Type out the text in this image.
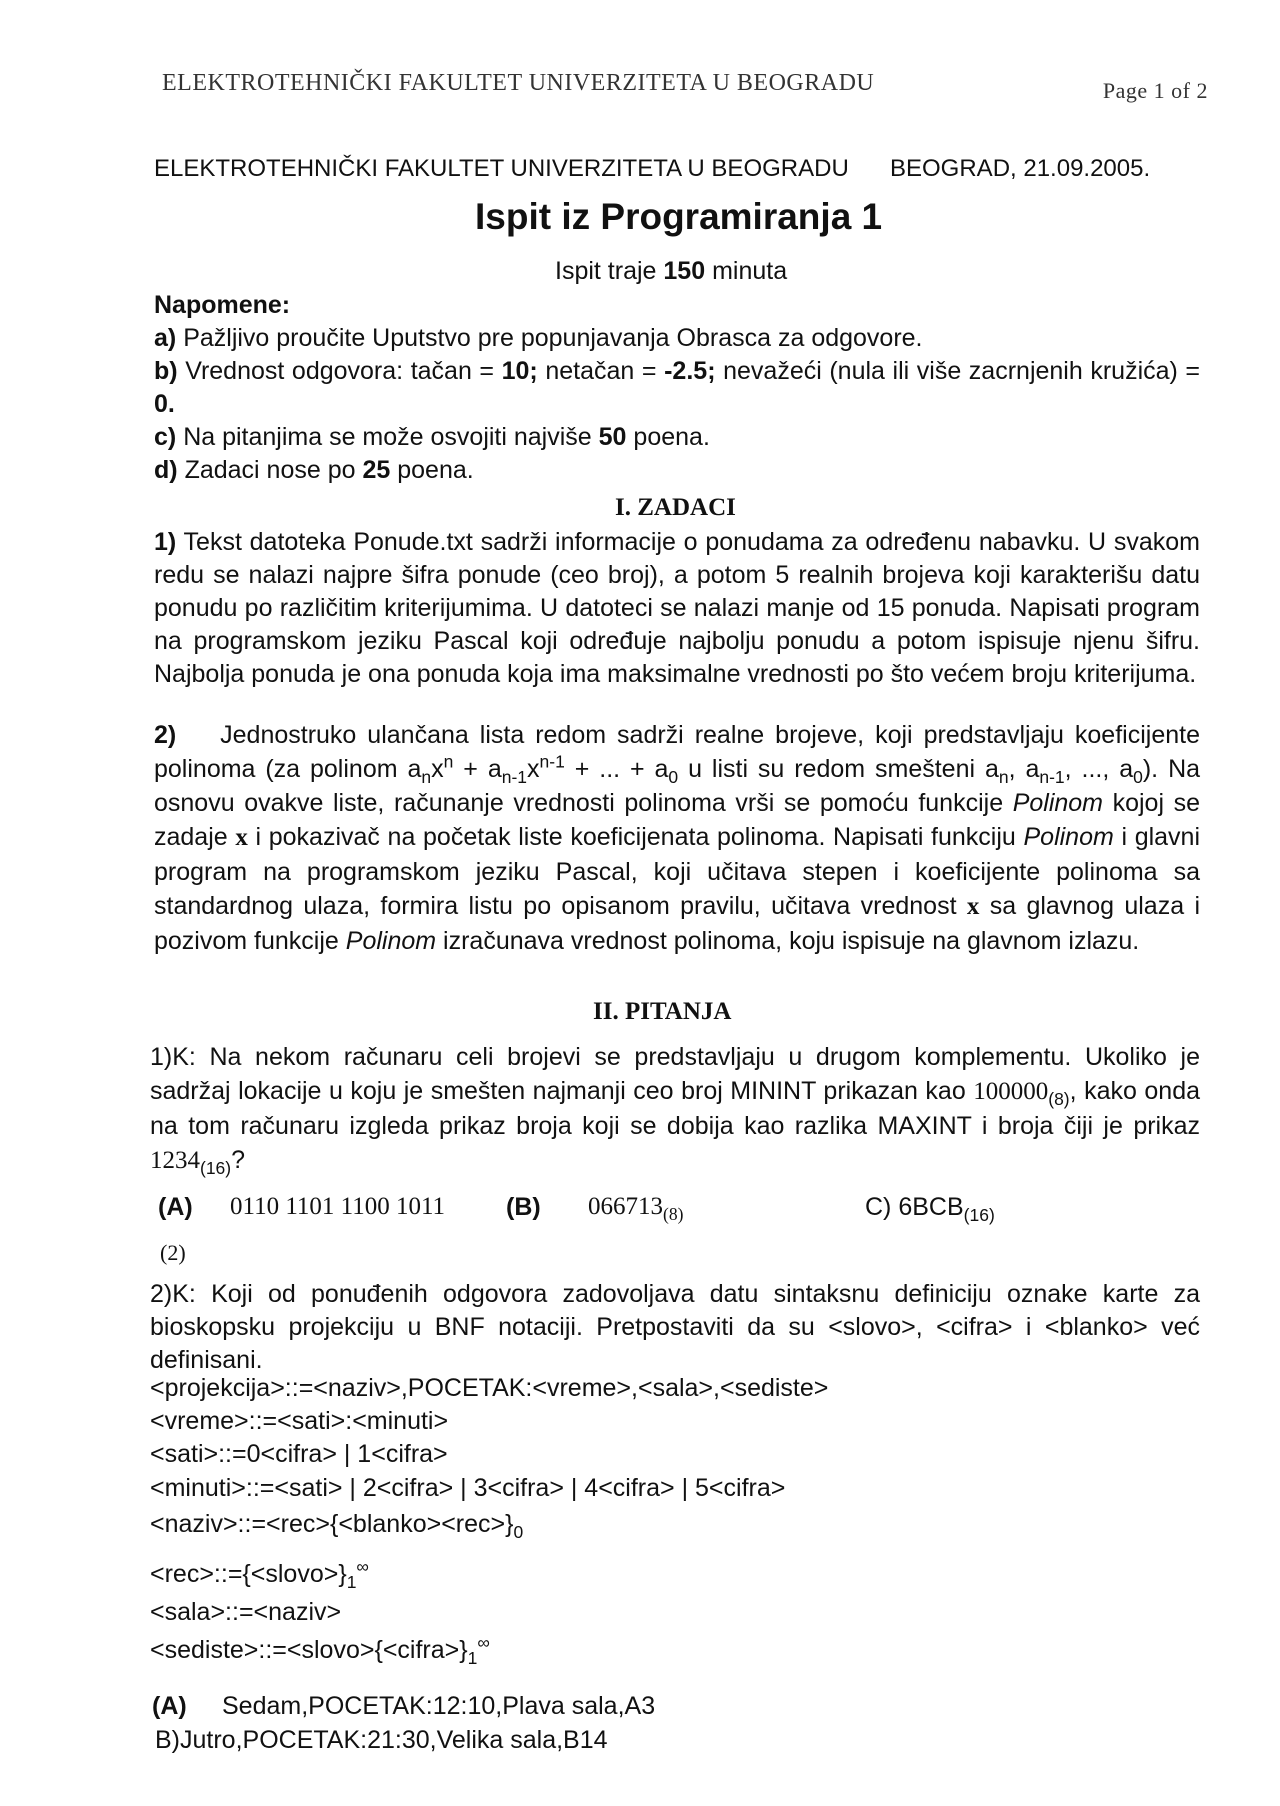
ELEKTROTEHNIČKI FAKULTET UNIVERZITETA U BEOGRADU	Page 1 of 2
ELEKTROTEHNIČKI FAKULTET UNIVERZITETA U BEOGRADU BEOGRAD, 21.09.2005.
Ispit iz Programiranja 1
Ispit traje 150 minuta
Napomene:
a) Pažljivo proučite Uputstvo pre popunjavanja Obrasca za odgovore.
b) Vrednost odgovora: tačan = 10; netačan = -2.5; nevažeći (nula ili više zacrnjenih kružića) = 0.
c) Na pitanjima se može osvojiti najviše 50 poena.
d) Zadaci nose po 25 poena.
I. ZADACI
1) Tekst datoteka Ponude.txt sadrži informacije o ponudama za određenu nabavku. U svakom redu se nalazi najpre šifra ponude (ceo broj), a potom 5 realnih brojeva koji karakterišu datu ponudu po različitim kriterijumima. U datoteci se nalazi manje od 15 ponuda. Napisati program na programskom jeziku Pascal koji određuje najbolju ponudu a potom ispisuje njenu šifru. Najbolja ponuda je ona ponuda koja ima maksimalne vrednosti po što većem broju kriterijuma.
2) Jednostruko ulančana lista redom sadrži realne brojeve, koji predstavljaju koeficijente polinoma (za polinom $a_nx^n + a_{n-1}x^{n-1}$ + ... + $a_0$ u listi su redom smešteni $a_n$, $a_{n-1}$, ..., $a_0$). Na osnovu ovakve liste, računanje vrednosti polinoma vrši se pomoću funkcije Polinom kojoj se zadaje x i pokazivač na početak liste koeficijenata polinoma. Napisati funkciju Polinom i glavni program na programskom jeziku Pascal, koji učitava stepen i koeficijente polinoma sa standardnog ulaza, formira listu po opisanom pravilu, učitava vrednost x sa glavnog ulaza i pozivom funkcije Polinom izračunava vrednost polinoma, koju ispisuje na glavnom izlazu.
II. PITANJA
1)K: Na nekom računaru celi brojevi se predstavljaju u drugom komplementu. Ukoliko je sadržaj lokacije u koju je smešten najmanji ceo broj MININT prikazan kao $100000_{(8)}$, kako onda na tom računaru izgleda prikaz broja koji se dobija kao razlika MAXINT i broja čiji je prikaz $1234_{(16)}$?
(A) 0110 1101 1100 1011 (B) $066713_{(8)}$	C) $6BCB_{(16)}$
(2)
2)K: Koji od ponuđenih odgovora zadovoljava datu sintaksnu definiciju oznake karte za bioskopsku projekciju u BNF notaciji. Pretpostaviti da su <slovo>, <cifra> i <blanko> već definisani.
<projekcija>::=<naziv>,POCETAK:<vreme>,<sala>,<sediste>
<vreme>::=<sati>:<minuti>
<sati>::=0<cifra> | 1<cifra>
<minuti>::=<sati> | 2<cifra> | 3<cifra> | 4<cifra> | 5<cifra>
$<naziv>::=<rec>\{<blanko><rec>\}_0$
$<rec>::=\{<slovo>\}_1^\infty$
<sala>::=<naziv>
$<sediste>::=<slovo>\{<cifra>\}_1^\infty$
(A) Sedam,POCETAK:12:10,Plava sala,A3
B)Jutro,POCETAK:21:30,Velika sala,B14
